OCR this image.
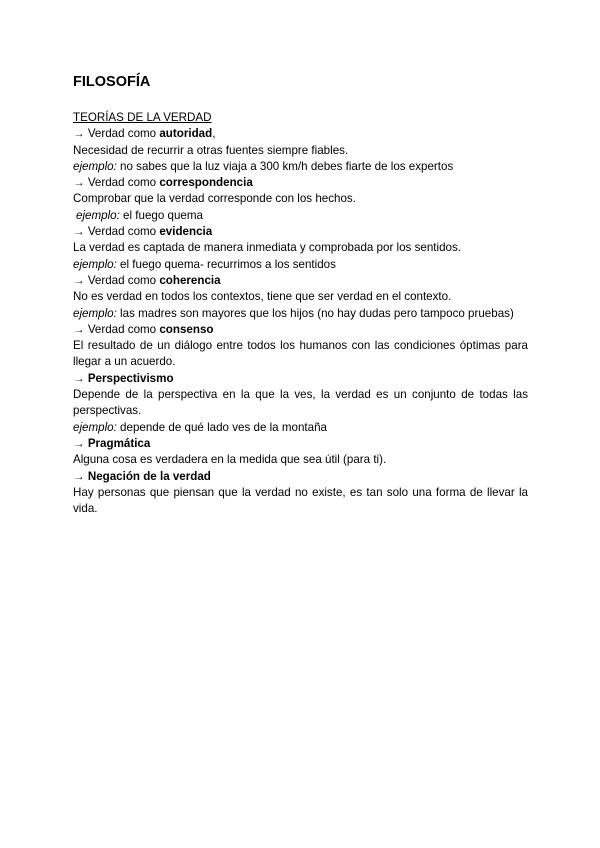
FILOSOFÍA
TEORÍAS DE LA VERDAD
→ Verdad como autoridad,
Necesidad de recurrir a otras fuentes siempre fiables.
ejemplo: no sabes que la luz viaja a 300 km/h debes fiarte de los expertos
→ Verdad como correspondencia
Comprobar que la verdad corresponde con los hechos.
ejemplo: el fuego quema
→ Verdad como evidencia
La verdad es captada de manera inmediata y comprobada por los sentidos.
ejemplo: el fuego quema- recurrimos a los sentidos
→ Verdad como coherencia
No es verdad en todos los contextos, tiene que ser verdad en el contexto.
ejemplo: las madres son mayores que los hijos (no hay dudas pero tampoco pruebas)
→ Verdad como consenso
El resultado de un diálogo entre todos los humanos con las condiciones óptimas para llegar a un acuerdo.
→ Perspectivismo
Depende de la perspectiva en la que la ves, la verdad es un conjunto de todas las perspectivas.
ejemplo: depende de qué lado ves de la montaña
→ Pragmática
Alguna cosa es verdadera en la medida que sea útil (para ti).
→ Negación de la verdad
Hay personas que piensan que la verdad no existe, es tan solo una forma de llevar la vida.
